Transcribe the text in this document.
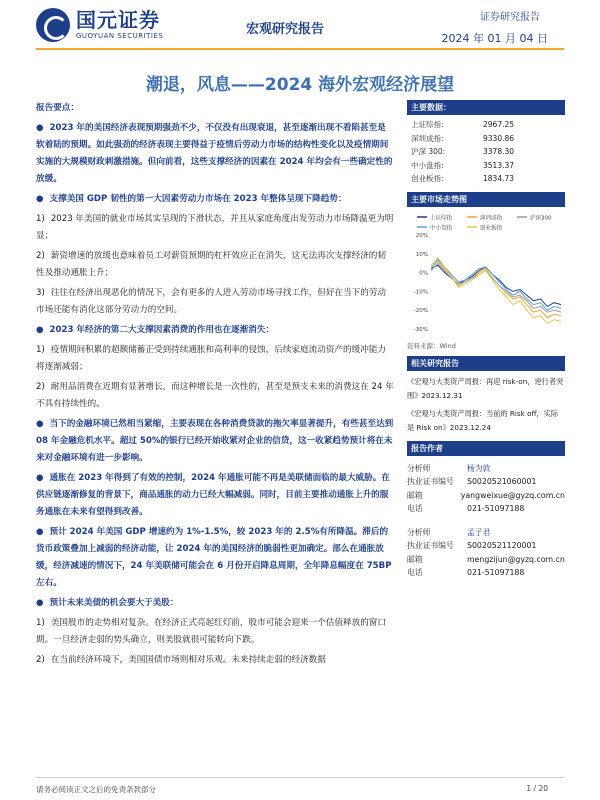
国元证券
GUOYUAN SECURITIES	宏观研究报告
证券研究报告
2024 年 01 月 04 日
潮退，风息——2024 海外宏观经济展望

报告要点：

● 2023 年的美国经济表现预期强劲不少，不仅没有出现衰退，甚至逐渐出现不看陷甚至是软着陆的预期。如此强劲的经济表现主要得益于疫情后劳动力市场的结构性变化以及疫情期间实施的大规模财政刺激措施。但向前看，这些支撑经济的因素在 2024 年均会有一些确定性的放缓。

● 支撑美国 GDP 韧性的第一大因素劳动力市场在 2023 年整体呈现下降趋势：

1) 2023 年美国的就业市场其实呈现的下滑状态，并且从家庭角度出发劳动力市场降温更为明显；

2) 薪资增速的放缓也意味着员工对薪资预期的杠杆效应正在消失，这无法再次支撑经济的韧性及推动通胀上升；

3) 往往在经济出现恶化的情况下，会有更多的人进入劳动市场寻找工作，但好在当下的劳动市场还能有消化这部分劳动力的空间。

● 2023 年经济的第二大支撑因素消费的作用也在逐渐消失：

1) 疫情期间积累的超额储蓄正受到持续通胀和高利率的侵蚀，后续家庭流动资产的缓冲能力将逐渐减弱；

2) 耐用品消费在近期有显著增长，而这种增长是一次性的，甚至是预支未来的消费这在 24 年不具有持续性的。

● 当下的金融环境已然相当紧缩，主要表现在各种消费贷款的拖欠率显著提升，有些甚至达到 08 年金融危机水平。超过 50%的银行已经开始收紧对企业的信贷，这一收紧趋势预计将在未来对金融环境有进一步影响。

● 通胀在 2023 年得到了有效的控制，2024 年通胀可能不再是美联储面临的最大威胁。在供应链逐渐修复的背景下，商品通胀的动力已经大幅减弱。同时，目前主要推动通胀上升的服务通胀在未来有望得到改善。

● 预计 2024 年美国 GDP 增速约为 1%-1.5%，较 2023 年的 2.5%有所降温。滞后的货币政策叠加上减弱的经济动能，让 2024 年的美国经济的脆弱性更加确定。部么在通胀放缓，经济减速的情况下，24 年美联储可能会在 6 月份开启降息周期，全年降息幅度在 75BP 左右。

● 预计未来美债的机会要大于美股：

1) 美国股市的走势相对复杂。在经济正式亮起红灯前，股市可能会迎来一个估值释放的窗口期。一旦经济走弱的势头确立，则美股就很可能转向下跌。

2) 在当前经济环境下，美国国债市场则相对乐观。未来持续走弱的经济数据

主要数据：
上证综指:	2967.25
深圳成指:	9330.86
沪深 300:	3378.30
中小盘指:	3513.37
创业板指:	1834.73
主要市场走势图
上证综指	深圳成指	沪深300
中小盘指	创业板指
20%
10%
0%
-10%
-20%
-30%
资料来源：Wind
相关研究报告
《宏观与大类资产周报：再迎 risk-on，逆行者突围》2023.12.31
《宏观与大类资产周报：当前的 Risk off，实际是 Risk on》2023.12.24
报告作者
分析师	杨为敦
执业证书编号	S0020521060001
邮箱	yangweixue@gyzq.com.cn
电话	021-51097188
分析师	孟子君
执业证书编号	S0020521120001
邮箱	mengzijun@gyzq.com.cn
电话	021-51097188
请务必阅读正文之后的免责条款部分	1 / 20
